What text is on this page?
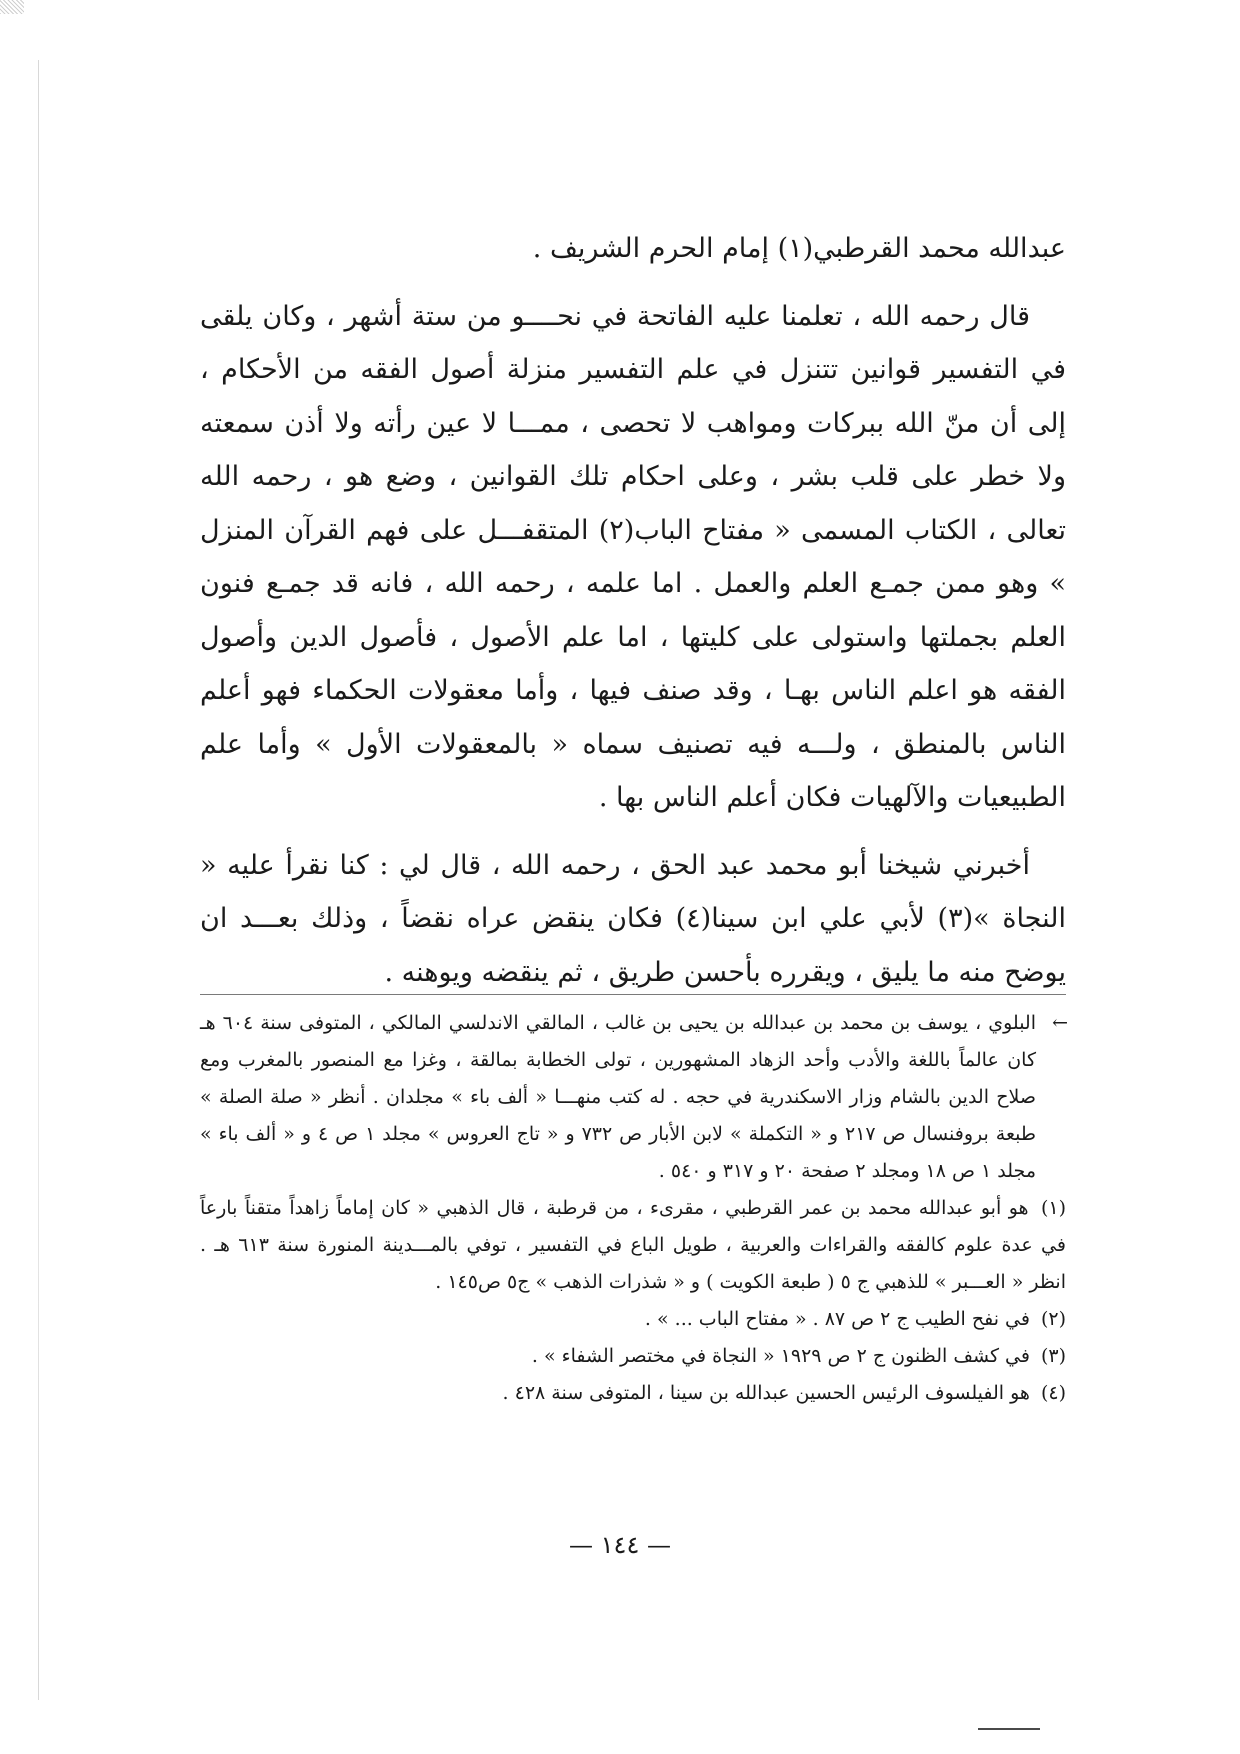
عبدالله محمد القرطبي(١) إمام الحرم الشريف .

قال رحمه الله ، تعلمنا عليه الفاتحة في نحــــو من ستة أشهر ، وكان يلقى في التفسير قوانين تتنزل في علم التفسير منزلة أصول الفقه من الأحكام ، إلى أن منّ الله ببركات ومواهب لا تحصى ، ممـــا لا عين رأته ولا أذن سمعته ولا خطر على قلب بشر ، وعلى احكام تلك القوانين ، وضع هو ، رحمه الله تعالى ، الكتاب المسمى « مفتاح الباب(٢) المتقفـــل على فهم القرآن المنزل » وهو ممن جمـع العلم والعمل . اما علمه ، رحمه الله ، فانه قد جمـع فنون العلم بجملتها واستولى على كليتها ، اما علم الأصول ، فأصول الدين وأصول الفقه هو اعلم الناس بهـا ، وقد صنف فيها ، وأما معقولات الحكماء فهو أعلم الناس بالمنطق ، ولـــه فيه تصنيف سماه « بالمعقولات الأول » وأما علم الطبيعيات والآلهيات فكان أعلم الناس بها .

أخبرني شيخنا أبو محمد عبد الحق ، رحمه الله ، قال لي : كنا نقرأ عليه « النجاة »(٣) لأبي علي ابن سينا(٤) فكان ينقض عراه نقضاً ، وذلك بعـــد ان يوضح منه ما يليق ، ويقرره بأحسن طريق ، ثم ينقضه ويوهنه .

←
البلوي ، يوسف بن محمد بن عبدالله بن يحيى بن غالب ، المالقي الاندلسي المالكي ، المتوفى سنة ٦٠٤ هـ كان عالماً باللغة والأدب وأحد الزهاد المشهورين ، تولى الخطابة بمالقة ، وغزا مع المنصور بالمغرب ومع صلاح الدين بالشام وزار الاسكندرية في حجه . له كتب منهـــا « ألف باء » مجلدان . أنظر « صلة الصلة » طبعة بروفنسال ص ٢١٧ و « التكملة » لابن الأبار ص ٧٣٢ و « تاج العروس » مجلد ١ ص ٤ و « ألف باء » مجلد ١ ص ١٨ ومجلد ٢ صفحة ٢٠ و ٣١٧ و ٥٤٠ .

(١) هو أبو عبدالله محمد بن عمر القرطبي ، مقرىء ، من قرطبة ، قال الذهبي « كان إماماً زاهداً متقناً بارعاً في عدة علوم كالفقه والقراءات والعربية ، طويل الباع في التفسير ، توفي بالمـــدينة المنورة سنة ٦١٣ هـ . انظر « العـــبر » للذهبي ج ٥ ( طبعة الكويت ) و « شذرات الذهب » ج٥ ص١٤٥ .

(٢) في نفح الطيب ج ٢ ص ٨٧ . « مفتاح الباب ... » .

(٣) في كشف الظنون ج ٢ ص ١٩٢٩ « النجاة في مختصر الشفاء » .

(٤) هو الفيلسوف الرئيس الحسين عبدالله بن سينا ، المتوفى سنة ٤٢٨ .

— ١٤٤ —
